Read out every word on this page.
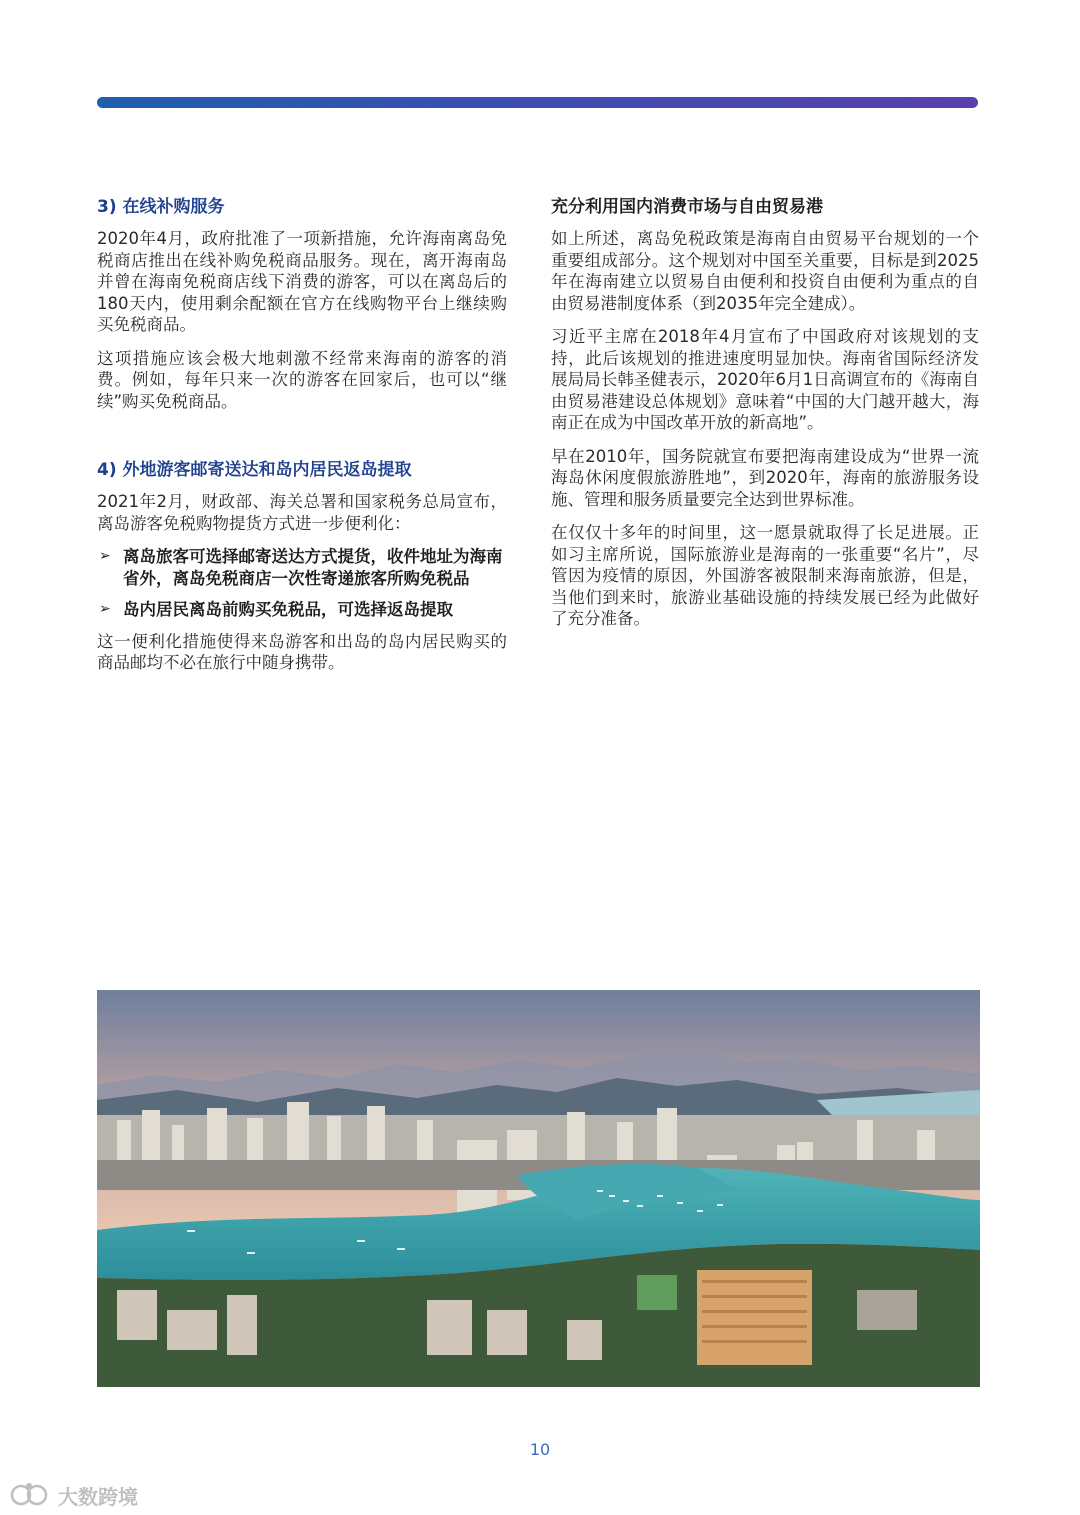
3) 在线补购服务

2020年4月，政府批准了一项新措施，允许海南离岛免税商店推出在线补购免税商品服务。现在，离开海南岛并曾在海南免税商店线下消费的游客，可以在离岛后的180天内，使用剩余配额在官方在线购物平台上继续购买免税商品。

这项措施应该会极大地刺激不经常来海南的游客的消费。例如，每年只来一次的游客在回家后，也可以“继续”购买免税商品。

4) 外地游客邮寄送达和岛内居民返岛提取

2021年2月，财政部、海关总署和国家税务总局宣布，离岛游客免税购物提货方式进一步便利化：

➢ 离岛旅客可选择邮寄送达方式提货，收件地址为海南省外，离岛免税商店一次性寄递旅客所购免税品
➢ 岛内居民离岛前购买免税品，可选择返岛提取

这一便利化措施使得来岛游客和出岛的岛内居民购买的商品邮均不必在旅行中随身携带。

充分利用国内消费市场与自由贸易港

如上所述，离岛免税政策是海南自由贸易平台规划的一个重要组成部分。这个规划对中国至关重要，目标是到2025年在海南建立以贸易自由便利和投资自由便利为重点的自由贸易港制度体系（到2035年完全建成）。

习近平主席在2018年4月宣布了中国政府对该规划的支持，此后该规划的推进速度明显加快。海南省国际经济发展局局长韩圣健表示，2020年6月1日高调宣布的《海南自由贸易港建设总体规划》意味着“中国的大门越开越大，海南正在成为中国改革开放的新高地”。

早在2010年，国务院就宣布要把海南建设成为“世界一流海岛休闲度假旅游胜地”，到2020年，海南的旅游服务设施、管理和服务质量要完全达到世界标准。

在仅仅十多年的时间里，这一愿景就取得了长足进展。正如习主席所说，国际旅游业是海南的一张重要“名片”，尽管因为疫情的原因，外国游客被限制来海南旅游，但是，当他们到来时，旅游业基础设施的持续发展已经为此做好了充分准备。

10
大数跨境
